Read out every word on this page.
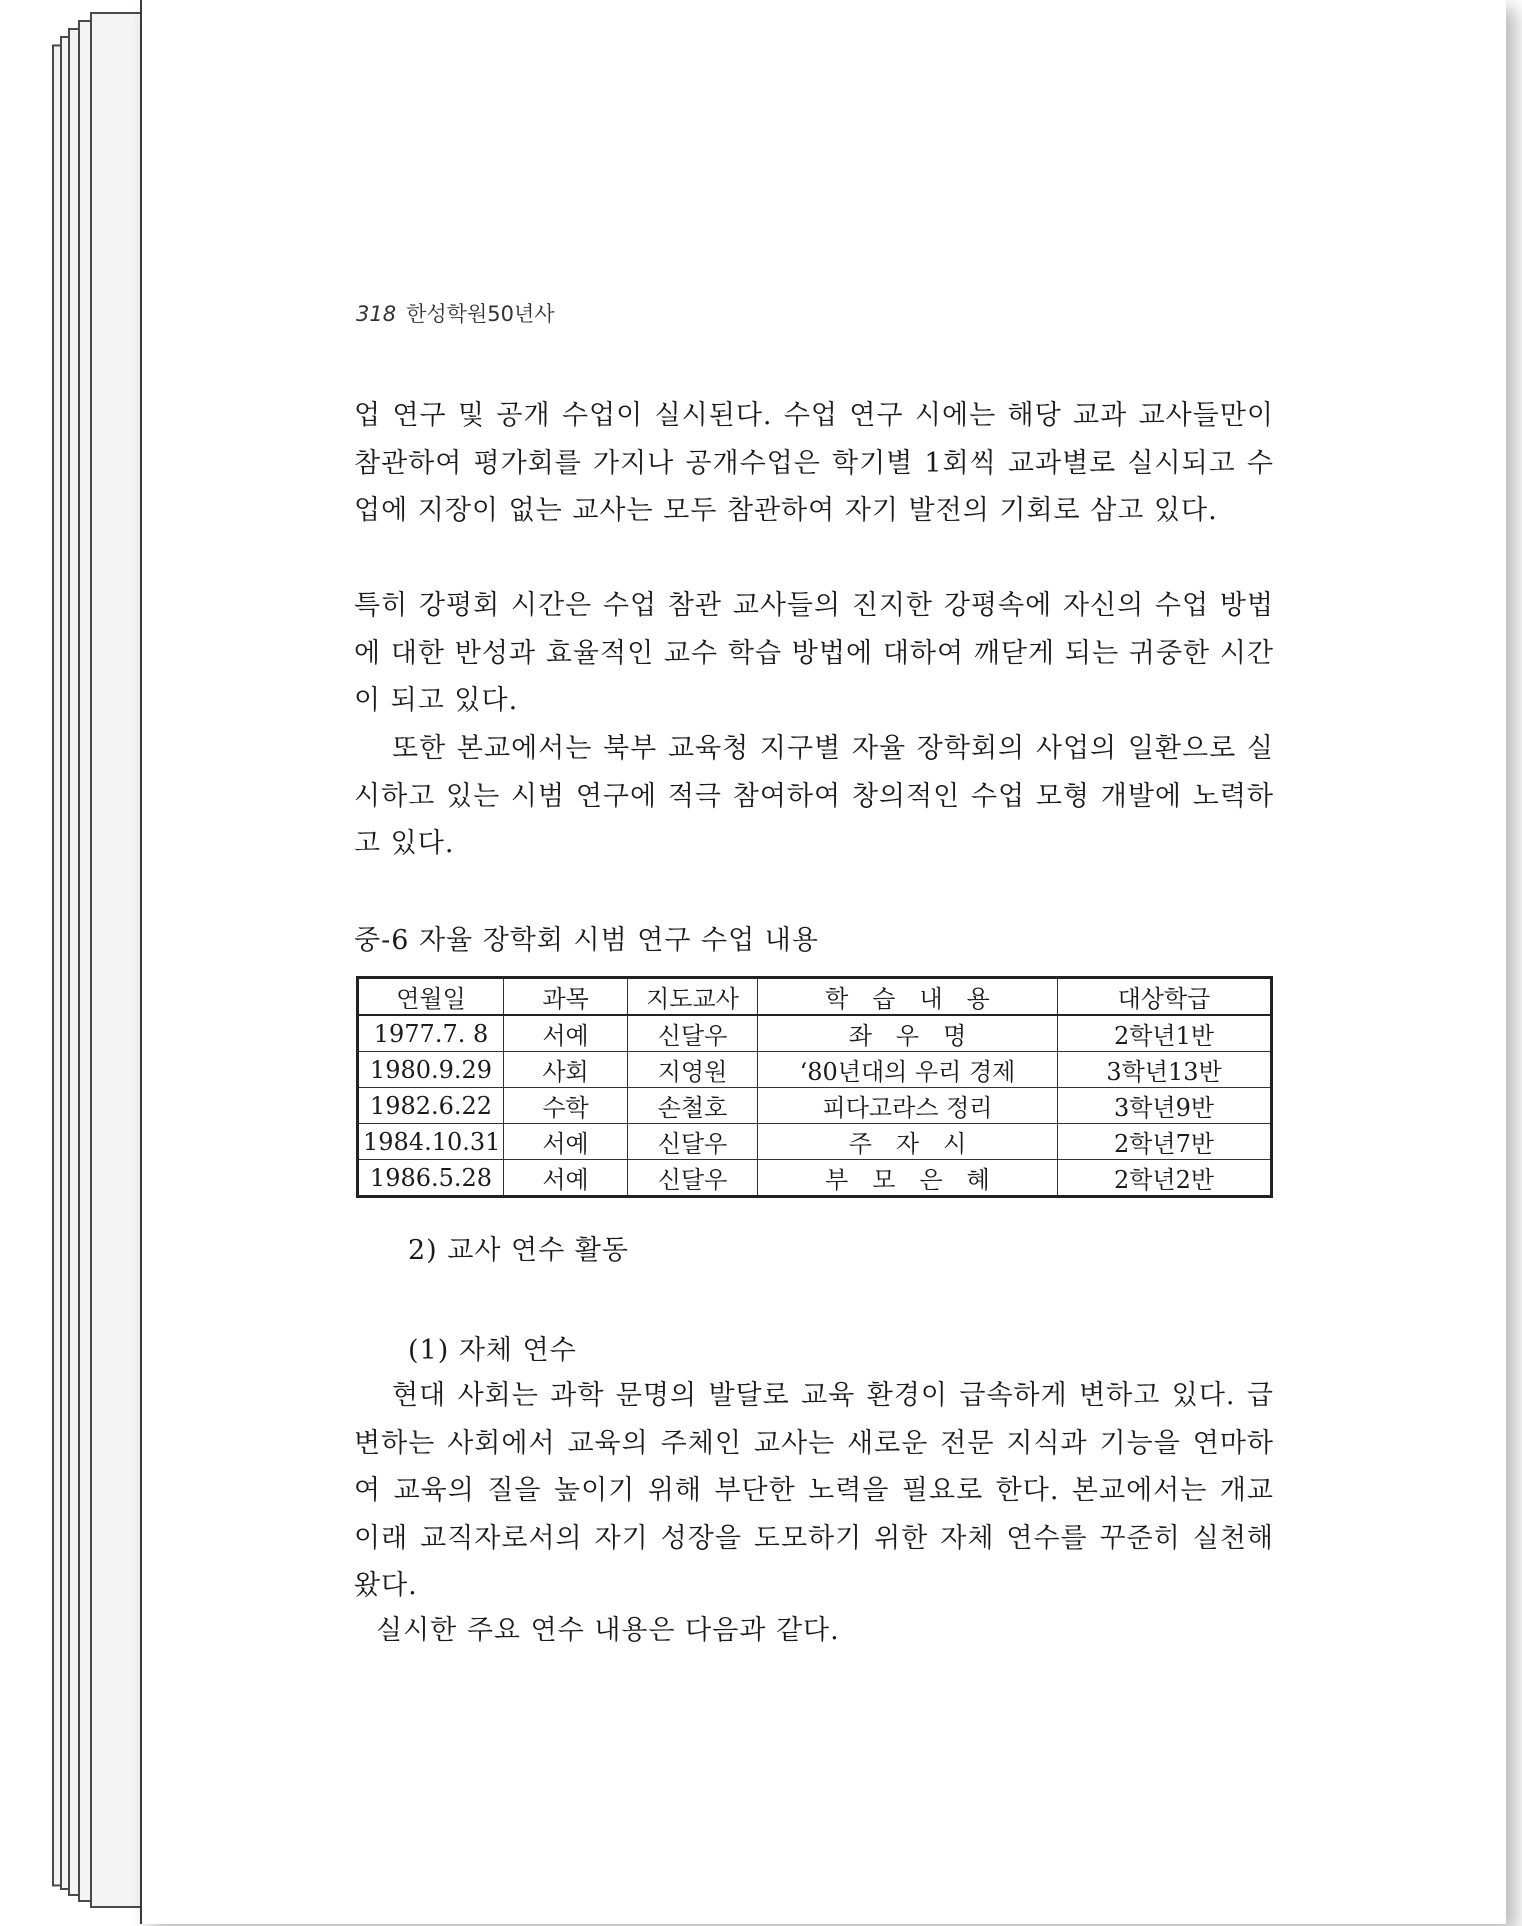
318 한성학원50년사

업 연구 및 공개 수업이 실시된다. 수업 연구 시에는 해당 교과 교사들만이 참관하여 평가회를 가지나 공개수업은 학기별 1회씩 교과별로 실시되고 수업에 지장이 없는 교사는 모두 참관하여 자기 발전의 기회로 삼고 있다.

특히 강평회 시간은 수업 참관 교사들의 진지한 강평속에 자신의 수업 방법에 대한 반성과 효율적인 교수 학습 방법에 대하여 깨닫게 되는 귀중한 시간이 되고 있다.

또한 본교에서는 북부 교육청 지구별 자율 장학회의 사업의 일환으로 실시하고 있는 시범 연구에 적극 참여하여 창의적인 수업 모형 개발에 노력하고 있다.

중-6 자율 장학회 시범 연구 수업 내용
연월일	과목	지도교사	학　습　내　용	대상학급
1977.7. 8	서예	신달우	좌　우　명	2학년1반
1980.9.29	사회	지영원	‘80년대의 우리 경제	3학년13반
1982.6.22	수학	손철호	피다고라스 정리	3학년9반
1984.10.31	서예	신달우	주　자　시	2학년7반
1986.5.28	서예	신달우	부　모　은　혜	2학년2반
2) 교사 연수 활동
(1) 자체 연수

현대 사회는 과학 문명의 발달로 교육 환경이 급속하게 변하고 있다. 급변하는 사회에서 교육의 주체인 교사는 새로운 전문 지식과 기능을 연마하여 교육의 질을 높이기 위해 부단한 노력을 필요로 한다. 본교에서는 개교 이래 교직자로서의 자기 성장을 도모하기 위한 자체 연수를 꾸준히 실천해 왔다.

실시한 주요 연수 내용은 다음과 같다.
